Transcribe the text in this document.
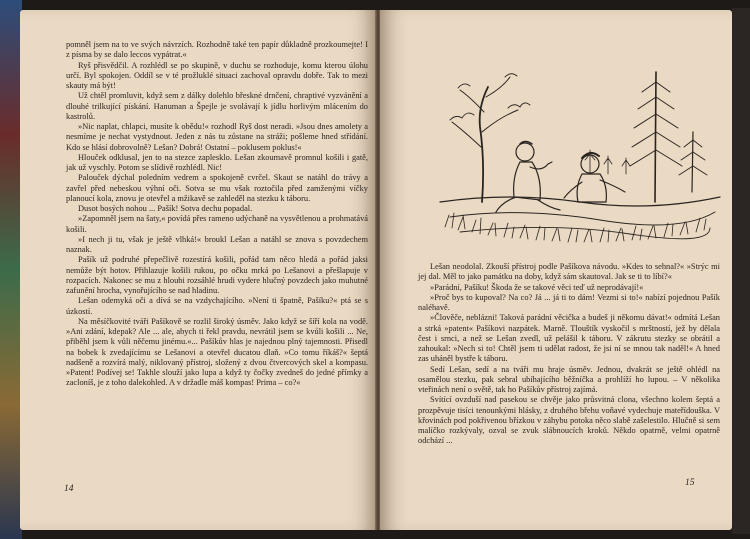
pomněl jsem na to ve svých návrzích. Rozhodně také ten papír důkladně prozkoumejte! I z písma by se dalo leccos vypátrat.«

Ryš přisvědčil. A rozhlédl se po skupině, v duchu se rozhoduje, komu kterou úlohu určí. Byl spokojen. Oddíl se v té prožluklé situaci zachoval opravdu dobře. Tak to mezi skauty má být!

Už chtěl promluvit, když sem z dálky dolehlo břeskné drnčení, chraptivé vyzvánění a dlouhé trilkující pískání. Hanuman a Špejle je svolávají k jídlu horlivým mlácením do kastrolů.

»Nic naplat, chlapci, musíte k obědu!« rozhodl Ryš dost neradi. »Jsou dnes amolety a nesmíme je nechat vystydnout. Jeden z nás tu zůstane na stráži; pošleme hned střídání. Kdo se hlásí dobrovolně? Lešan? Dobrá! Ostatní – poklusem poklus!«

Hlouček odklusal, jen to na stezce zaplesklo. Lešan zkoumavě promnul košili i gatě, jak už vyschly. Potom se slídivě rozhlédl. Nic!

Palouček dýchal poledním vedrem a spokojeně cvrčel. Skaut se natáhl do trávy a zavřel před nebeskou výhní oči. Sotva se mu však roztočila před zamženými víčky planoucí kola, znovu je otevřel a mžikavě se zahleděl na stezku k táboru.

Dusot bosých nohou ... Pašík! Sotva dechu popadal.

»Zapomněl jsem na šaty,« povídá přes rameno udýchaně na vysvětlenou a prohmatává košili.

»I nech ji tu, však je ještě vlhká!« broukl Lešan a natáhl se znova s povzdechem naznak.

Pašík už podruhé přepečlivě rozestírá košili, pořád tam něco hledá a pořád jaksi nemůže být hotov. Přihlazuje košili rukou, po očku mrká po Lešanovi a přešlapuje v rozpacích. Nakonec se mu z hloubi rozsáhlé hrudi vydere hlučný povzdech jako muhutné zafunění hrocha, vynořujícího se nad hladinu.

Lešan odemyká oči a dívá se na vzdychajícího. »Není ti špatně, Pašíku?« ptá se s úzkostí.

Na měsíčkovité tváři Pašíkově se rozlil široký úsměv. Jako když se šíří kola na vodě. »Ani zdání, kdepak? Ale ... ale, abych ti řekl pravdu, nevrátil jsem se kvůli košili ... Ne, přiběhl jsem k vůli něčemu jinému.«... Pašíkův hlas je najednou plný tajemnosti. Přisedl na bobek k zvedajícímu se Lešanovi a otevřel ducatou dlaň. »Co tomu říkáš?« šeptá nadšeně a rozvírá malý, niklovaný přístroj, složený z dvou čtvercových skel a kompasu. »Patent! Podívej se! Takhle slouží jako lupa a když ty čočky zvedneš do jedné přímky a zacloníš, je z toho dalekohled. A v držadle máš kompas! Prima – co?«

14

Lešan neodolal. Zkouší přístroj podle Pašíkova návodu. »Kdes to sehnal?« »Strýc mi jej dal. Měl to jako památku na doby, když sám skautoval. Jak se ti to líbí?«

»Parádní, Pašíku! Škoda že se takové věci teď už neprodávají!«

»Proč bys to kupoval? Na co? Já ... já ti to dám! Vezmi si to!« nabízí pojednou Pašík naléhavě.

»Člověče, neblázni! Taková parádní věcička a budeš ji někomu dávat!« odmítá Lešan a strká »patent« Pašíkovi nazpátek. Marně. Tlouštík vyskočil s mrštností, jež by dělala čest i srnci, a než se Lešan zvedl, už pelášil k táboru. V zákrutu stezky se obrátil a zahoukal: »Nech si to! Chtěl jsem ti udělat radost, že jsi ní se mnou tak naděl!« A hned zas uháněl bystře k táboru.

Sedí Lešan, sedí a na tváři mu hraje úsměv. Jednou, dvakrát se ještě ohlédl na osamělou stezku, pak sebral ubíhajícího běžníčka a prohlíží ho lupou. – V několika vteřinách není o světě, tak ho Pašíkův přístroj zajímá.

Svítící ovzduší nad pasekou se chvěje jako průsvitná clona, všechno kolem šeptá a prozpěvuje tisíci tenounkými hlásky, z druhého břehu voňavé vydechuje mateřídouška. V křovinách pod pokřivenou břízkou v záhybu potoka něco slabě zašelestilo. Hlučně si sem malíčko rozkývaly, ozval se zvuk slábnoucích kroků. Někdo opatrně, velmi opatrně odchází ...

15
